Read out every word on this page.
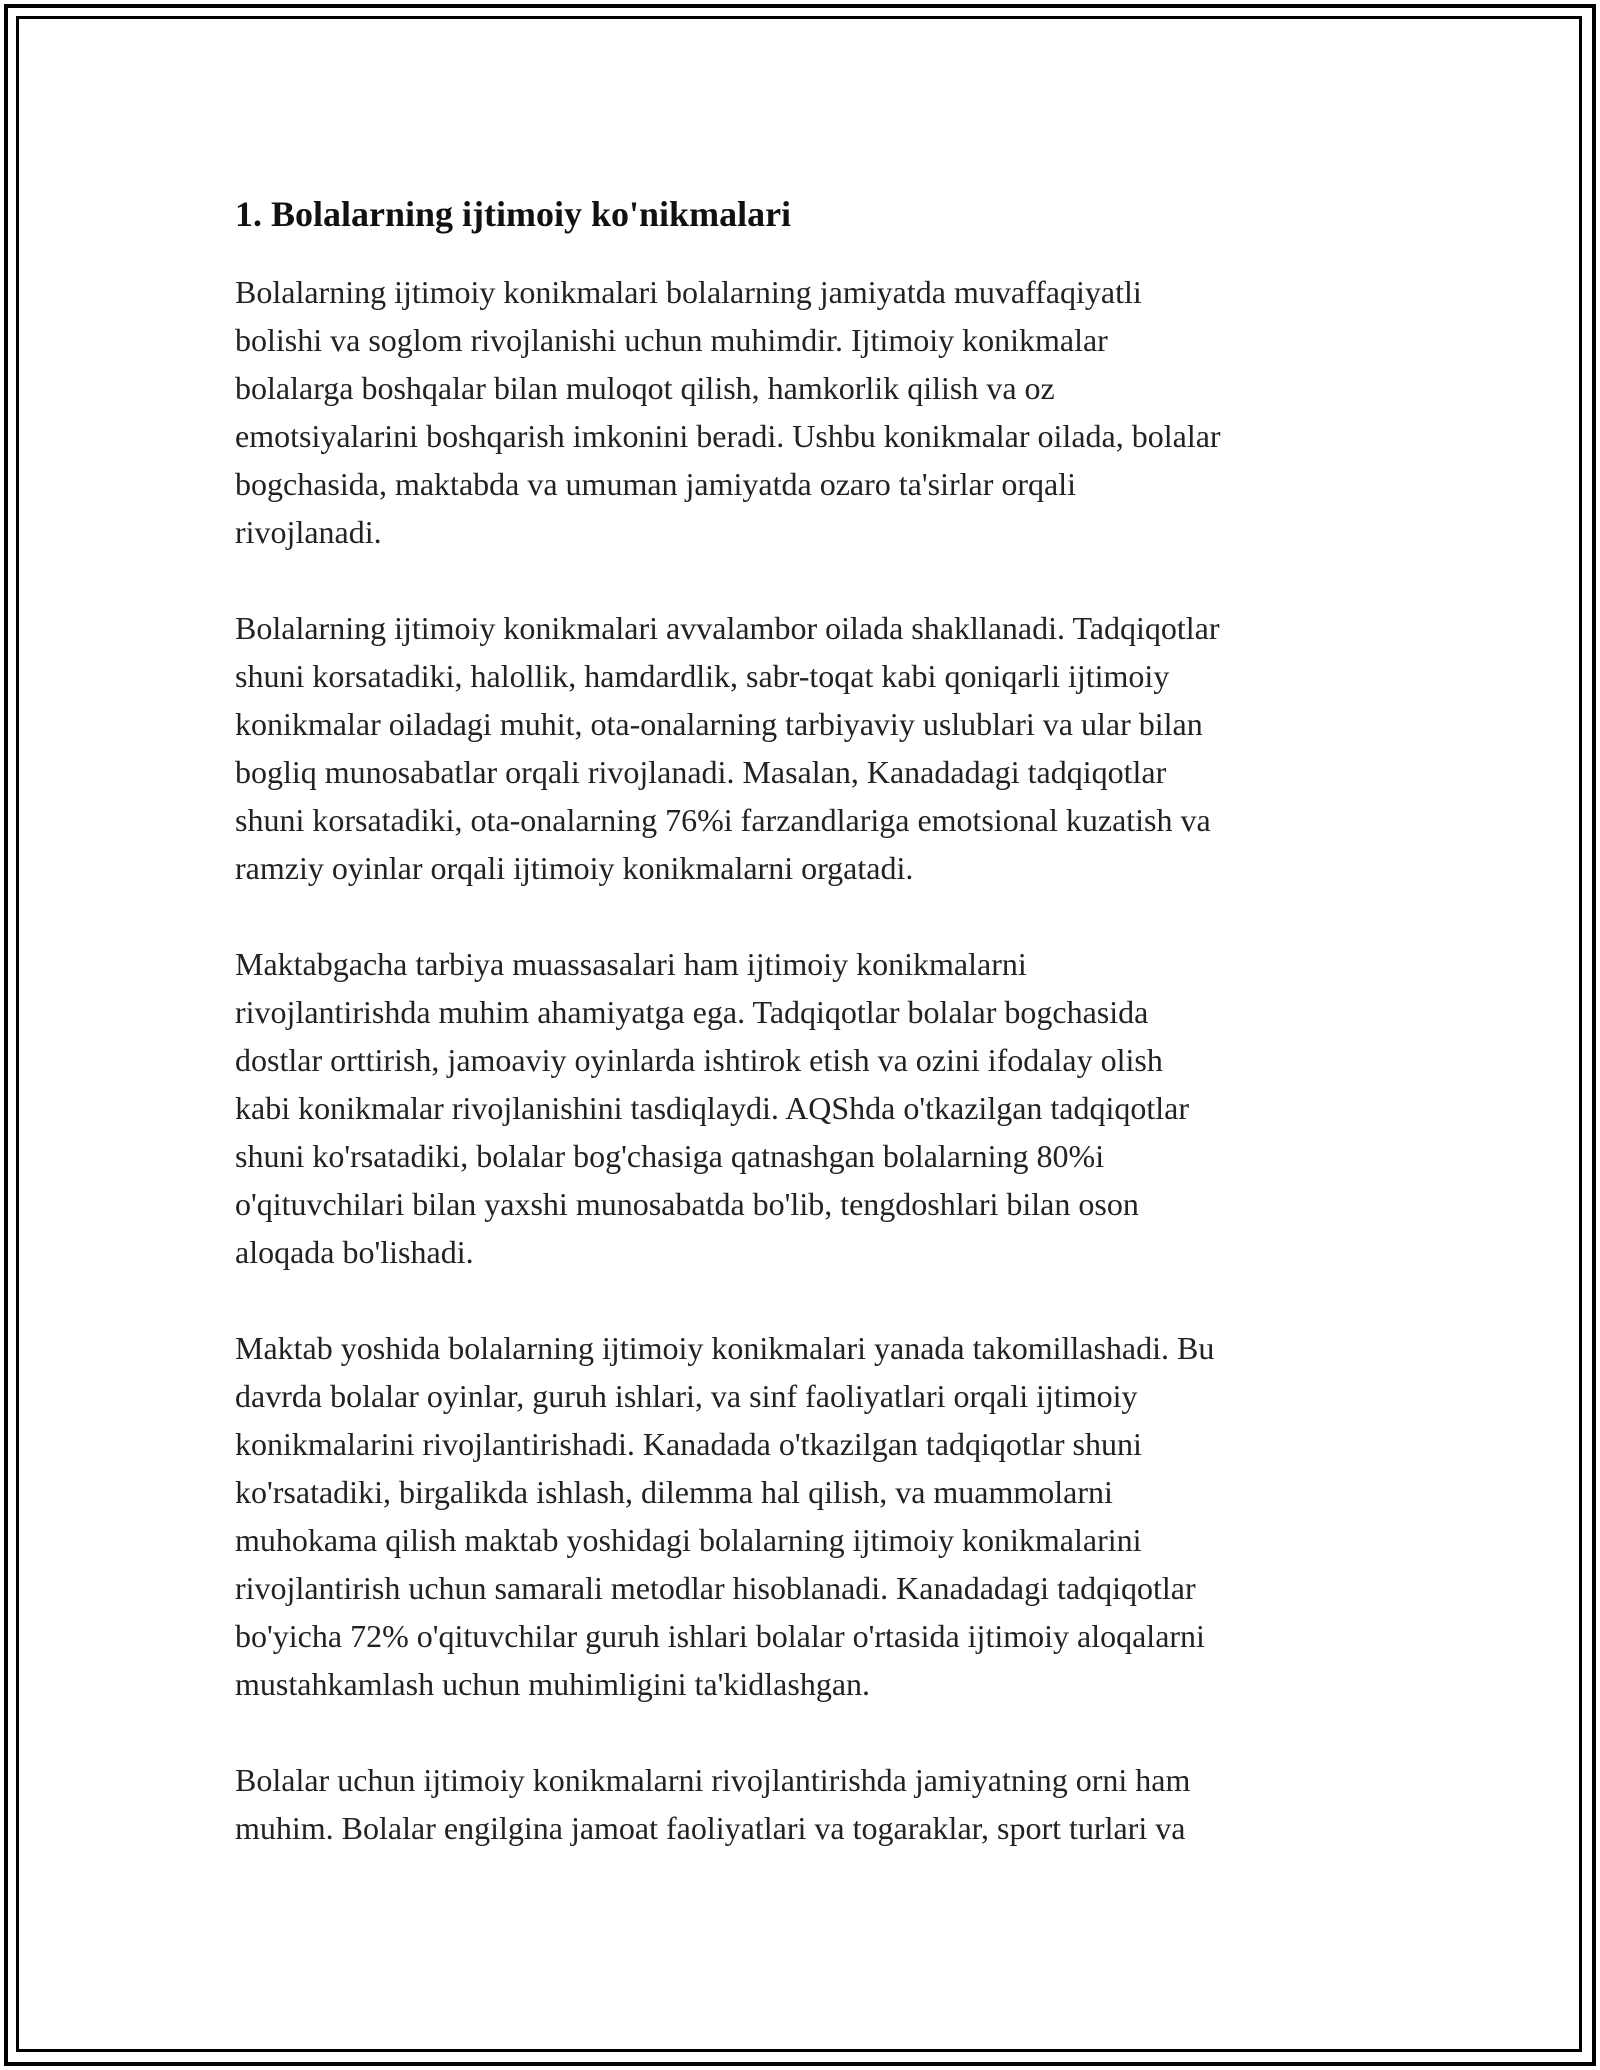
1. Bolalarning ijtimoiy ko'nikmalari

Bolalarning ijtimoiy konikmalari bolalarning jamiyatda muvaffaqiyatli
bolishi va soglom rivojlanishi uchun muhimdir. Ijtimoiy konikmalar
bolalarga boshqalar bilan muloqot qilish, hamkorlik qilish va oz
emotsiyalarini boshqarish imkonini beradi. Ushbu konikmalar oilada, bolalar
bogchasida, maktabda va umuman jamiyatda ozaro ta'sirlar orqali
rivojlanadi.

Bolalarning ijtimoiy konikmalari avvalambor oilada shakllanadi. Tadqiqotlar
shuni korsatadiki, halollik, hamdardlik, sabr-toqat kabi qoniqarli ijtimoiy
konikmalar oiladagi muhit, ota-onalarning tarbiyaviy uslublari va ular bilan
bogliq munosabatlar orqali rivojlanadi. Masalan, Kanadadagi tadqiqotlar
shuni korsatadiki, ota-onalarning 76%i farzandlariga emotsional kuzatish va
ramziy oyinlar orqali ijtimoiy konikmalarni orgatadi.

Maktabgacha tarbiya muassasalari ham ijtimoiy konikmalarni
rivojlantirishda muhim ahamiyatga ega. Tadqiqotlar bolalar bogchasida
dostlar orttirish, jamoaviy oyinlarda ishtirok etish va ozini ifodalay olish
kabi konikmalar rivojlanishini tasdiqlaydi. AQShda o'tkazilgan tadqiqotlar
shuni ko'rsatadiki, bolalar bog'chasiga qatnashgan bolalarning 80%i
o'qituvchilari bilan yaxshi munosabatda bo'lib, tengdoshlari bilan oson
aloqada bo'lishadi.

Maktab yoshida bolalarning ijtimoiy konikmalari yanada takomillashadi. Bu
davrda bolalar oyinlar, guruh ishlari, va sinf faoliyatlari orqali ijtimoiy
konikmalarini rivojlantirishadi. Kanadada o'tkazilgan tadqiqotlar shuni
ko'rsatadiki, birgalikda ishlash, dilemma hal qilish, va muammolarni
muhokama qilish maktab yoshidagi bolalarning ijtimoiy konikmalarini
rivojlantirish uchun samarali metodlar hisoblanadi. Kanadadagi tadqiqotlar
bo'yicha 72% o'qituvchilar guruh ishlari bolalar o'rtasida ijtimoiy aloqalarni
mustahkamlash uchun muhimligini ta'kidlashgan.

Bolalar uchun ijtimoiy konikmalarni rivojlantirishda jamiyatning orni ham
muhim. Bolalar engilgina jamoat faoliyatlari va togaraklar, sport turlari va
